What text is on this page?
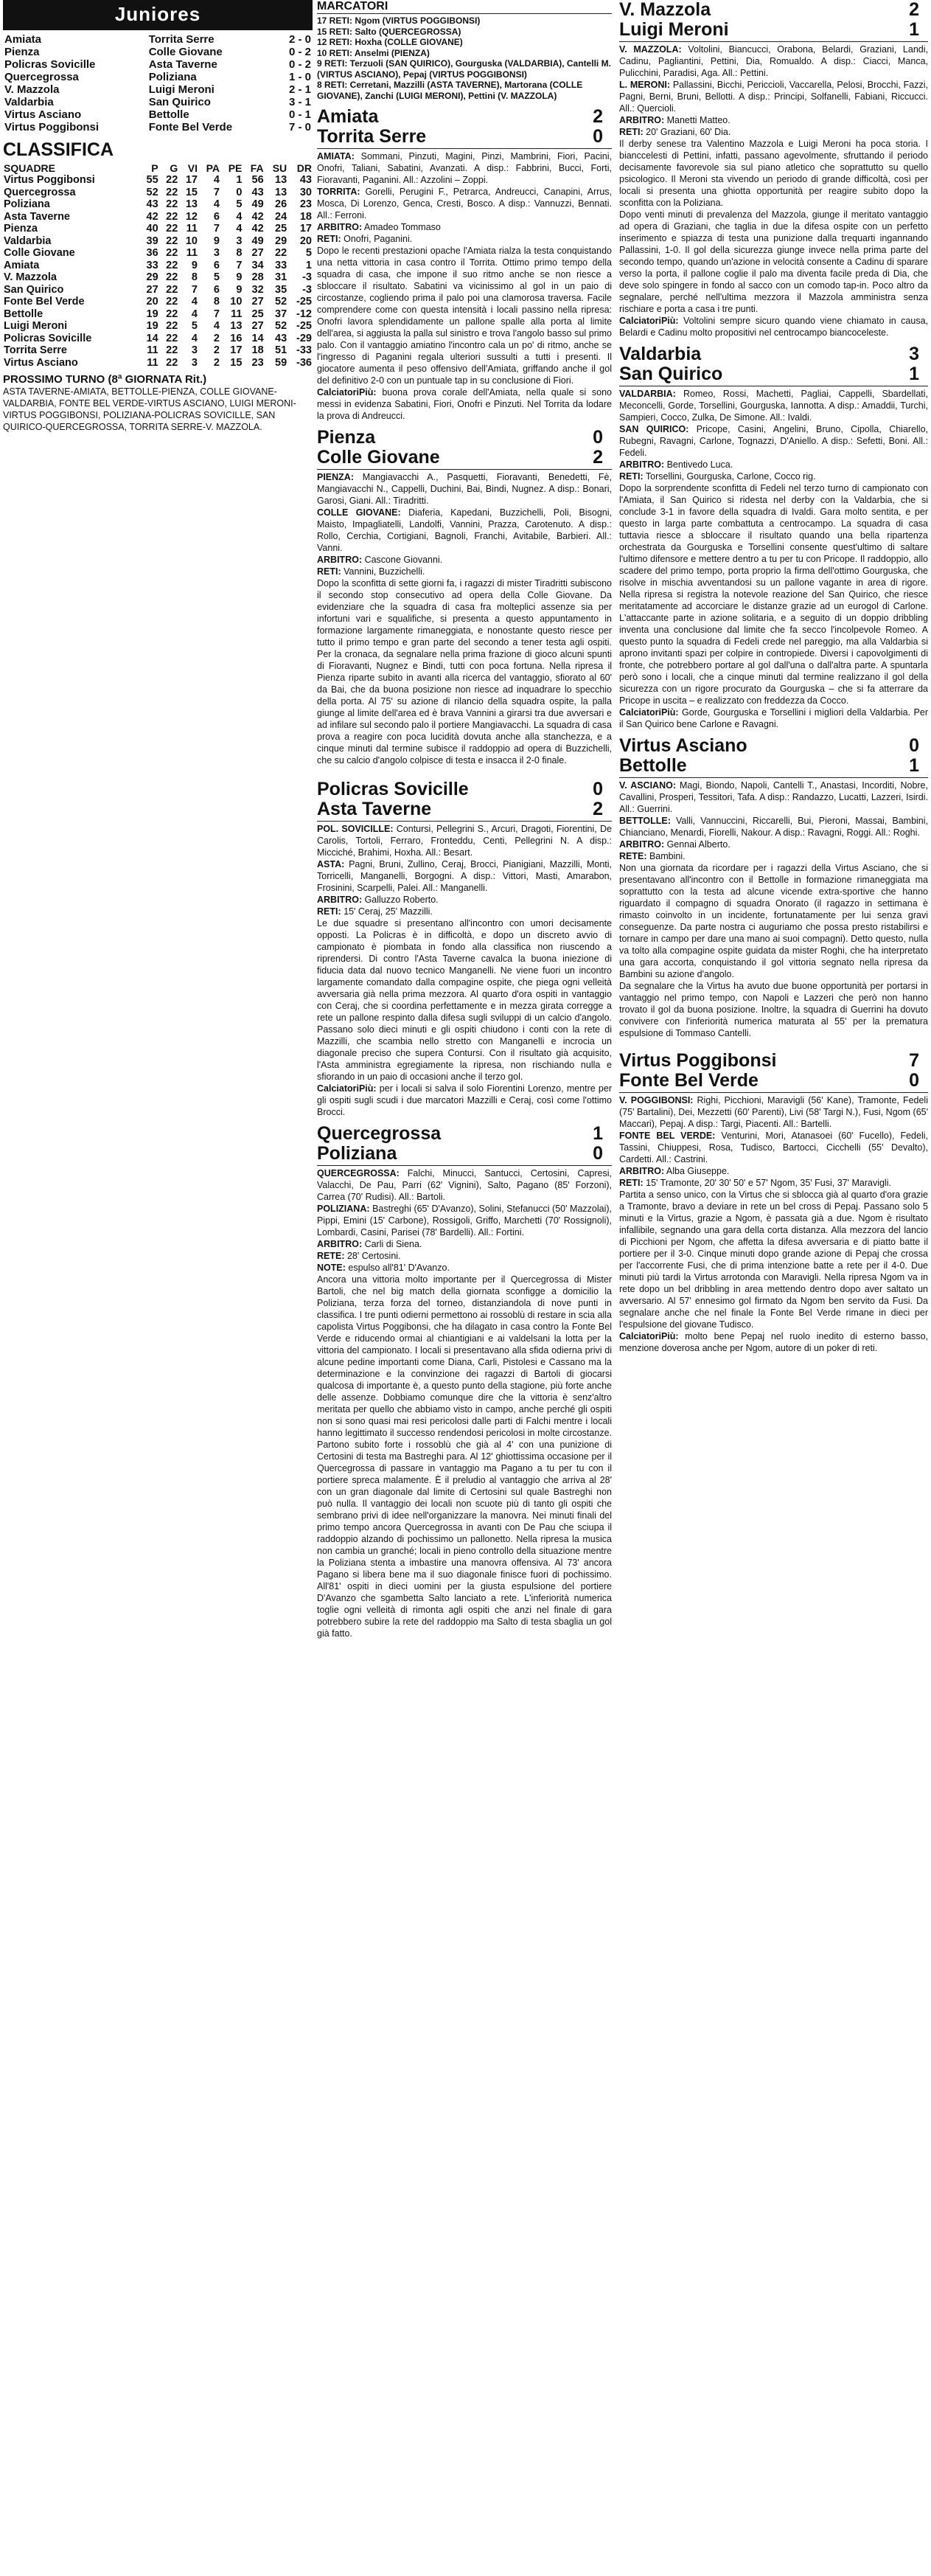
Juniores
Amiata	Torrita Serre	2 - 0
Pienza	Colle Giovane	0 - 2
Policras Sovicille	Asta Taverne	0 - 2
Quercegrossa	Poliziana	1 - 0
V. Mazzola	Luigi Meroni	2 - 1
Valdarbia	San Quirico	3 - 1
Virtus Asciano	Bettolle	0 - 1
Virtus Poggibonsi	Fonte Bel Verde	7 - 0
CLASSIFICA
SQUADRE	P	G	VI	PA	PE	FA	SU	DR
Virtus Poggibonsi	55	22	17	4	1	56	13	43
Quercegrossa	52	22	15	7	0	43	13	30
Poliziana	43	22	13	4	5	49	26	23
Asta Taverne	42	22	12	6	4	42	24	18
Pienza	40	22	11	7	4	42	25	17
Valdarbia	39	22	10	9	3	49	29	20
Colle Giovane	36	22	11	3	8	27	22	5
Amiata	33	22	9	6	7	34	33	1
V. Mazzola	29	22	8	5	9	28	31	-3
San Quirico	27	22	7	6	9	32	35	-3
Fonte Bel Verde	20	22	4	8	10	27	52	-25
Bettolle	19	22	4	7	11	25	37	-12
Luigi Meroni	19	22	5	4	13	27	52	-25
Policras Sovicille	14	22	4	2	16	14	43	-29
Torrita Serre	11	22	3	2	17	18	51	-33
Virtus Asciano	11	22	3	2	15	23	59	-36
PROSSIMO TURNO (8ª GIORNATA Rit.)
ASTA TAVERNE-AMIATA, BETTOLLE-PIENZA, COLLE GIOVANE-VALDARBIA, FONTE BEL VERDE-VIRTUS ASCIANO, LUIGI MERONI-VIRTUS POGGIBONSI, POLIZIANA-POLICRAS SOVICILLE, SAN QUIRICO-QUERCEGROSSA, TORRITA SERRE-V. MAZZOLA.
MARCATORI
17 RETI: Ngom (VIRTUS POGGIBONSI)
15 RETI: Salto (QUERCEGROSSA)
12 RETI: Hoxha (COLLE GIOVANE)
10 RETI: Anselmi (PIENZA)
9 RETI: Terzuoli (SAN QUIRICO), Gourguska (VALDARBIA), Cantelli M. (VIRTUS ASCIANO), Pepaj (VIRTUS POGGIBONSI)
8 RETI: Cerretani, Mazzilli (ASTA TAVERNE), Martorana (COLLE GIOVANE), Zanchi (LUIGI MERONI), Pettini (V. MAZZOLA)
Amiata	2
Torrita Serre	0

AMIATA: Sommani, Pinzuti, Magini, Pinzi, Mambrini, Fiori, Pacini, Onofri, Taliani, Sabatini, Avanzati. A disp.: Fabbrini, Bucci, Forti, Fioravanti, Paganini. All.: Azzolini – Zoppi.

TORRITA: Gorelli, Perugini F., Petrarca, Andreucci, Canapini, Arrus, Mosca, Di Lorenzo, Genca, Cresti, Bosco. A disp.: Vannuzzi, Bennati. All.: Ferroni.

ARBITRO: Amadeo Tommaso

RETI: Onofri, Paganini.

Dopo le recenti prestazioni opache l'Amiata rialza la testa conquistando una netta vittoria in casa contro il Torrita. Ottimo primo tempo della squadra di casa, che impone il suo ritmo anche se non riesce a sbloccare il risultato. Sabatini va vicinissimo al gol in un paio di circostanze, cogliendo prima il palo poi una clamorosa traversa. Facile comprendere come con questa intensità i locali passino nella ripresa: Onofri lavora splendidamente un pallone spalle alla porta al limite dell'area, si aggiusta la palla sul sinistro e trova l'angolo basso sul primo palo. Con il vantaggio amiatino l'incontro cala un po' di ritmo, anche se l'ingresso di Paganini regala ulteriori sussulti a tutti i presenti. Il giocatore aumenta il peso offensivo dell'Amiata, griffando anche il gol del definitivo 2-0 con un puntuale tap in su conclusione di Fiori.

CalciatoriPiù: buona prova corale dell'Amiata, nella quale si sono messi in evidenza Sabatini, Fiori, Onofri e Pinzuti. Nel Torrita da lodare la prova di Andreucci.

Pienza	0
Colle Giovane	2

PIENZA: Mangiavacchi A., Pasquetti, Fioravanti, Benedetti, Fè, Mangiavacchi N., Cappelli, Duchini, Bai, Bindi, Nugnez. A disp.: Bonari, Garosi, Giani. All.: Tiradritti.

COLLE GIOVANE: Diaferia, Kapedani, Buzzichelli, Poli, Bisogni, Maisto, Impagliatelli, Landolfi, Vannini, Prazza, Carotenuto. A disp.: Rollo, Cerchia, Cortigiani, Bagnoli, Franchi, Avitabile, Barbieri. All.: Vanni.

ARBITRO: Cascone Giovanni.

RETI: Vannini, Buzzichelli.

Dopo la sconfitta di sette giorni fa, i ragazzi di mister Tiradritti subiscono il secondo stop consecutivo ad opera della Colle Giovane. Da evidenziare che la squadra di casa fra molteplici assenze sia per infortuni vari e squalifiche, si presenta a questo appuntamento in formazione largamente rimaneggiata, e nonostante questo riesce per tutto il primo tempo e gran parte del secondo a tener testa agli ospiti. Per la cronaca, da segnalare nella prima frazione di gioco alcuni spunti di Fioravanti, Nugnez e Bindi, tutti con poca fortuna. Nella ripresa il Pienza riparte subito in avanti alla ricerca del vantaggio, sfiorato al 60' da Bai, che da buona posizione non riesce ad inquadrare lo specchio della porta. Al 75' su azione di rilancio della squadra ospite, la palla giunge al limite dell'area ed è brava Vannini a girarsi tra due avversari e ad infilare sul secondo palo il portiere Mangiavacchi. La squadra di casa prova a reagire con poca lucidità dovuta anche alla stanchezza, e a cinque minuti dal termine subisce il raddoppio ad opera di Buzzichelli, che su calcio d'angolo colpisce di testa e insacca il 2-0 finale.

Policras Sovicille	0
Asta Taverne	2

POL. SOVICILLE: Contursi, Pellegrini S., Arcuri, Dragoti, Fiorentini, De Carolis, Tortoli, Ferraro, Fronteddu, Centi, Pellegrini N. A disp.: Micciché, Brahimi, Hoxha. All.: Besart.

ASTA: Pagni, Bruni, Zullino, Ceraj, Brocci, Pianigiani, Mazzilli, Monti, Torricelli, Manganelli, Borgogni. A disp.: Vittori, Masti, Amarabon, Frosinini, Scarpelli, Palei. All.: Manganelli.

ARBITRO: Galluzzo Roberto.

RETI: 15' Ceraj, 25' Mazzilli.

Le due squadre si presentano all'incontro con umori decisamente opposti. La Policras è in difficoltà, e dopo un discreto avvio di campionato è piombata in fondo alla classifica non riuscendo a riprendersi. Di contro l'Asta Taverne cavalca la buona iniezione di fiducia data dal nuovo tecnico Manganelli. Ne viene fuori un incontro largamente comandato dalla compagine ospite, che piega ogni velleità avversaria già nella prima mezzora. Al quarto d'ora ospiti in vantaggio con Ceraj, che si coordina perfettamente e in mezza girata corregge a rete un pallone respinto dalla difesa sugli sviluppi di un calcio d'angolo. Passano solo dieci minuti e gli ospiti chiudono i conti con la rete di Mazzilli, che scambia nello stretto con Manganelli e incrocia un diagonale preciso che supera Contursi. Con il risultato già acquisito, l'Asta amministra egregiamente la ripresa, non rischiando nulla e sfiorando in un paio di occasioni anche il terzo gol.

CalciatoriPiù: per i locali si salva il solo Fiorentini Lorenzo, mentre per gli ospiti sugli scudi i due marcatori Mazzilli e Ceraj, così come l'ottimo Brocci.

Quercegrossa	1
Poliziana	0

QUERCEGROSSA: Falchi, Minucci, Santucci, Certosini, Capresi, Valacchi, De Pau, Parri (62' Vignini), Salto, Pagano (85' Forzoni), Carrea (70' Rudisi). All.: Bartoli.

POLIZIANA: Bastreghi (65' D'Avanzo), Solini, Stefanucci (50' Mazzolai), Pippi, Emini (15' Carbone), Rossigoli, Griffo, Marchetti (70' Rossignoli), Lombardi, Casini, Parisei (78' Bardelli). All.: Fortini.

ARBITRO: Carli di Siena.

RETE: 28' Certosini.

NOTE: espulso all'81' D'Avanzo.

Ancora una vittoria molto importante per il Quercegrossa di Mister Bartoli, che nel big match della giornata sconfigge a domicilio la Poliziana, terza forza del torneo, distanziandola di nove punti in classifica. I tre punti odierni permettono ai rossoblù di restare in scia alla capolista Virtus Poggibonsi, che ha dilagato in casa contro la Fonte Bel Verde e riducendo ormai al chiantigiani e ai valdelsani la lotta per la vittoria del campionato. I locali si presentavano alla sfida odierna privi di alcune pedine importanti come Diana, Carli, Pistolesi e Cassano ma la determinazione e la convinzione dei ragazzi di Bartoli di giocarsi qualcosa di importante è, a questo punto della stagione, più forte anche delle assenze. Dobbiamo comunque dire che la vittoria è senz'altro meritata per quello che abbiamo visto in campo, anche perché gli ospiti non si sono quasi mai resi pericolosi dalle parti di Falchi mentre i locali hanno legittimato il successo rendendosi pericolosi in molte circostanze. Partono subito forte i rossoblù che già al 4' con una punizione di Certosini di testa ma Bastreghi para. Al 12' ghiottissima occasione per il Quercegrossa di passare in vantaggio ma Pagano a tu per tu con il portiere spreca malamente. È il preludio al vantaggio che arriva al 28' con un gran diagonale dal limite di Certosini sul quale Bastreghi non può nulla. Il vantaggio dei locali non scuote più di tanto gli ospiti che sembrano privi di idee nell'organizzare la manovra. Nei minuti finali del primo tempo ancora Quercegrossa in avanti con De Pau che sciupa il raddoppio alzando di pochissimo un pallonetto. Nella ripresa la musica non cambia un granché; locali in pieno controllo della situazione mentre la Poliziana stenta a imbastire una manovra offensiva. Al 73' ancora Pagano si libera bene ma il suo diagonale finisce fuori di pochissimo. All'81' ospiti in dieci uomini per la giusta espulsione del portiere D'Avanzo che sgambetta Salto lanciato a rete. L'inferiorità numerica toglie ogni velleità di rimonta agli ospiti che anzi nel finale di gara potrebbero subire la rete del raddoppio ma Salto di testa sbaglia un gol già fatto.

V. Mazzola	2
Luigi Meroni	1

V. MAZZOLA: Voltolini, Biancucci, Orabona, Belardi, Grazіani, Landi, Cadinu, Pagliantini, Pettini, Dia, Romualdo. A disp.: Cіacci, Manca, Pulicchini, Paradisi, Aga. All.: Pettini.

L. MERONI: Pallassini, Bicchi, Pericciolі, Vaccarella, Pelosi, Brocchi, Fazzi, Pagni, Berni, Bruni, Bellotti. A disp.: Principi, Solfanelli, Fabiani, Riccucci. All.: Quercioli.

ARBITRO: Manetti Matteo.

RETI: 20' Graziani, 60' Dia.

Il derby senese tra Valentino Mazzola e Luigi Meroni ha poca storia. I bianccelesti di Pettini, infatti, passano agevolmente, sfruttando il periodo decisamente favorevole sia sul piano atletico che soprattutto su quello psicologico. Il Meroni sta vivendo un periodo di grande difficoltà, così per locali si presenta una ghiotta opportunità per reagire subito dopo la sconfitta con la Poliziana.

Dopo venti minuti di prevalenza del Mazzola, giunge il meritato vantaggio ad opera di Graziani, che taglia in due la difesa ospite con un perfetto inserimento e spiazza di testa una punizione dalla trequarti ingannando Pallassini, 1-0. Il gol della sicurezza giunge invece nella prima parte del secondo tempo, quando un'azione in velocità consente a Cadinu di sparare verso la porta, il pallone coglie il palo ma diventa facile preda di Dia, che deve solo spingere in fondo al sacco con un comodo tap-in. Poco altro da segnalare, perché nell'ultima mezzora il Mazzola amministra senza rischiare e porta a casa i tre punti.

CalciatoriPiù: Voltolini sempre sicuro quando viene chiamato in causa, Belardi e Cadinu molto propositivi nel centrocampo biancoceleste.

Valdarbia	3
San Quirico	1

VALDARBIA: Romeo, Rossi, Machetti, Pagliai, Cappelli, Sbardellati, Meconcelli, Gorde, Torsellini, Gourguska, Iannotta. A disp.: Amaddii, Turchi, Sampieri, Cocco, Zulka, De Simone. All.: Ivaldi.

SAN QUIRICO: Pricope, Casini, Angelini, Bruno, Cipolla, Chiarello, Rubegni, Ravagni, Carlone, Tognazzi, D'Aniello. A disp.: Sefetti, Boni. All.: Fedeli.

ARBITRO: Bentivedo Luca.

RETI: Torsellini, Gourguska, Carlone, Cocco rig.

Dopo la sorprendente sconfitta di Fedeli nel terzo turno di campionato con l'Amiata, il San Quirico si ridesta nel derby con la Valdarbia, che si conclude 3-1 in favore della squadra di Ivaldi. Gara molto sentita, e per questo in larga parte combattuta a centrocampo. La squadra di casa tuttavia riesce a sbloccare il risultato quando una bella ripartenza orchestrata da Gourguska e Torsellini consente quest'ultimo di saltare l'ultimo difensore e mettere dentro a tu per tu con Pricope. Il raddoppio, allo scadere del primo tempo, porta proprio la firma dell'ottimo Gourguska, che risolve in mischia avventandosi su un pallone vagante in area di rigore. Nella ripresa si registra la notevole reazione del San Quirico, che riesce meritatamente ad accorciare le distanze grazie ad un eurogol di Carlone. L'attaccante parte in azione solitaria, e a seguito di un doppio dribbling inventa una conclusione dal limite che fa secco l'incolpevole Romeo. A questo punto la squadra di Fedeli crede nel pareggio, ma alla Valdarbia si aprono invitanti spazi per colpire in contropiede. Diversi i capovolgimenti di fronte, che potrebbero portare al gol dall'una o dall'altra parte. A spuntarla però sono i locali, che a cinque minuti dal termine realizzano il gol della sicurezza con un rigore procurato da Gourguska – che si fa atterrare da Pricope in uscita – e realizzato con freddezza da Cocco.

CalciatoriPiù: Gorde, Gourguska e Torsellini i migliori della Valdarbia. Per il San Quirico bene Carlone e Ravagni.

Virtus Asciano	0
Bettolle	1

V. ASCIANO: Magi, Biondo, Napoli, Cantelli T., Anastasi, Incorditi, Nobre, Cavallini, Prosperi, Tessitori, Tafa. A disp.: Randazzo, Lucatti, Lazzeri, Isirdi. All.: Guerrini.

BETTOLLE: Valli, Vannuccini, Riccarelli, Bui, Pieroni, Massai, Bambini, Chianciano, Menardi, Fiorelli, Nakour. A disp.: Ravagni, Roggi. All.: Roghi.

ARBITRO: Gennai Alberto.

RETE: Bambini.

Non una giornata da ricordare per i ragazzi della Virtus Asciano, che si presentavano all'incontro con il Bettolle in formazione rimaneggiata ma soprattutto con la testa ad alcune vicende extra-sportive che hanno riguardato il compagno di squadra Onorato (il ragazzo in settimana è rimasto coinvolto in un incidente, fortunatamente per lui senza gravi conseguenze. Da parte nostra ci auguriamo che possa presto ristabilirsi e tornare in campo per dare una mano ai suoi compagni). Detto questo, nulla va tolto alla compagine ospite guidata da mister Roghi, che ha interpretato una gara accorta, conquistando il gol vittoria segnato nella ripresa da Bambini su azione d'angolo.

Da segnalare che la Virtus ha avuto due buone opportunità per portarsi in vantaggio nel primo tempo, con Napoli e Lazzeri che però non hanno trovato il gol da buona posizione. Inoltre, la squadra di Guerrini ha dovuto convivere con l'inferiorità numerica maturata al 55' per la prematura espulsione di Tommaso Cantelli.

Virtus Poggibonsi	7
Fonte Bel Verde	0

V. POGGIBONSI: Righi, Picchioni, Maravigli (56' Kane), Tramonte, Fedeli (75' Bartalini), Dei, Mezzetti (60' Parenti), Livi (58' Targi N.), Fusi, Ngom (65' Maccari), Pepaj. A disp.: Targi, Piacenti. All.: Bartelli.

FONTE BEL VERDE: Venturini, Mori, Atanasoei (60' Fucello), Fedeli, Tassini, Chiuppesi, Rosa, Tudisco, Bartocci, Cicchelli (55' Devalto), Cardetti. All.: Castrini.

ARBITRO: Alba Giuseppe.

RETI: 15' Tramonte, 20' 30' 50' e 57' Ngom, 35' Fusi, 37' Maravigli.

Partita a senso unico, con la Virtus che si sblocca già al quarto d'ora grazie a Tramonte, bravo a deviare in rete un bel cross di Pepaj. Passano solo 5 minuti e la Virtus, grazie a Ngom, è passata già a due. Ngom è risultato infallibile, segnando una gara della corta distanza. Alla mezzora del lancio di Picchioni per Ngom, che affetta la difesa avversaria e di piatto batte il portiere per il 3-0. Cinque minuti dopo grande azione di Pepaj che crossa per l'accorrente Fusi, che di prima intenzione batte a rete per il 4-0. Due minuti più tardi la Virtus arrotonda con Maravigli. Nella ripresa Ngom va in rete dopo un bel dribbling in area mettendo dentro dopo aver saltato un avversario. Al 57' ennesimo gol firmato da Ngom ben servito da Fusi. Da segnalare anche che nel finale la Fonte Bel Verde rimane in dieci per l'espulsione del giovane Tudisco.

CalciatoriPiù: molto bene Pepaj nel ruolo inedito di esterno basso, menzione doverosa anche per Ngom, autore di un poker di reti.
